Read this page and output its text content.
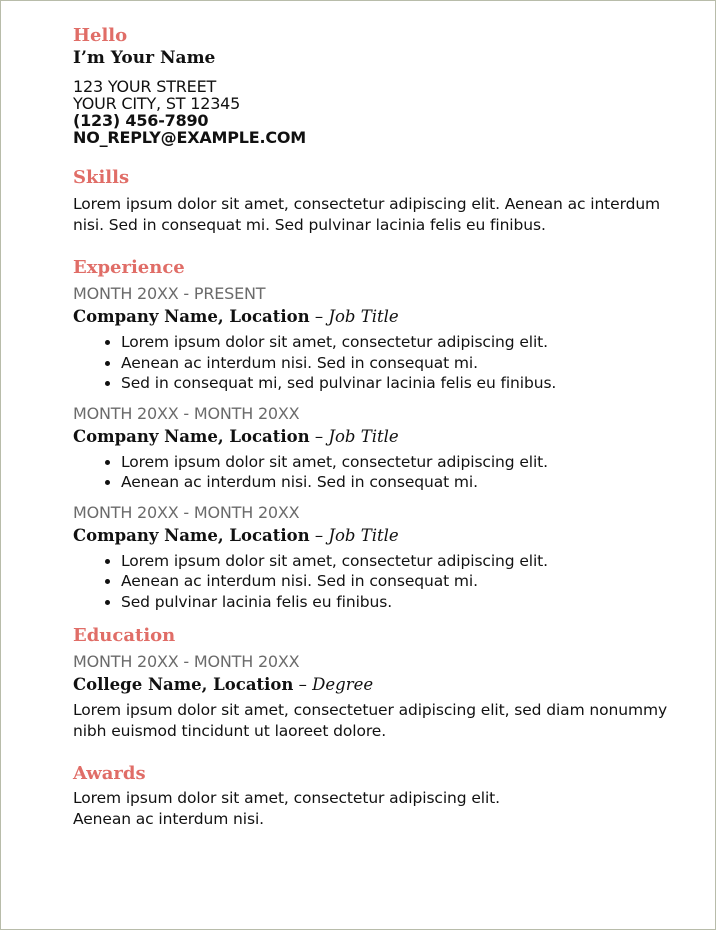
Hello
I’m Your Name
123 YOUR STREET
YOUR CITY, ST 12345
(123) 456-7890
NO_REPLY@EXAMPLE.COM
Skills

Lorem ipsum dolor sit amet, consectetur adipiscing elit. Aenean ac interdum nisi. Sed in consequat mi. Sed pulvinar lacinia felis eu finibus.

Experience
MONTH 20XX - PRESENT
Company Name, Location – Job Title
• Lorem ipsum dolor sit amet, consectetur adipiscing elit.
• Aenean ac interdum nisi. Sed in consequat mi.
• Sed in consequat mi, sed pulvinar lacinia felis eu finibus.
MONTH 20XX - MONTH 20XX
Company Name, Location – Job Title
• Lorem ipsum dolor sit amet, consectetur adipiscing elit.
• Aenean ac interdum nisi. Sed in consequat mi.
MONTH 20XX - MONTH 20XX
Company Name, Location – Job Title
• Lorem ipsum dolor sit amet, consectetur adipiscing elit.
• Aenean ac interdum nisi. Sed in consequat mi.
• Sed pulvinar lacinia felis eu finibus.
Education
MONTH 20XX - MONTH 20XX
College Name, Location – Degree

Lorem ipsum dolor sit amet, consectetuer adipiscing elit, sed diam nonummy nibh euismod tincidunt ut laoreet dolore.

Awards

Lorem ipsum dolor sit amet, consectetur adipiscing elit.
Aenean ac interdum nisi.
